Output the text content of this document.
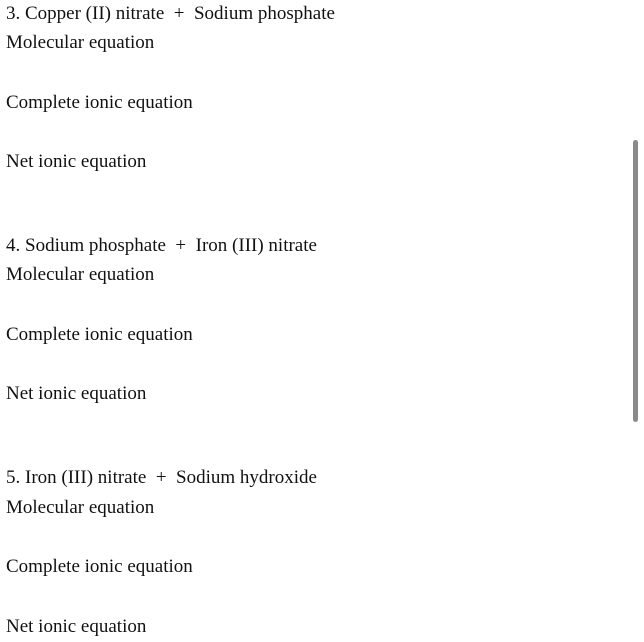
3. Copper (II) nitrate  +  Sodium phosphate
Molecular equation
Complete ionic equation
Net ionic equation
4. Sodium phosphate  +  Iron (III) nitrate
Molecular equation
Complete ionic equation
Net ionic equation
5. Iron (III) nitrate  +  Sodium hydroxide
Molecular equation
Complete ionic equation
Net ionic equation
